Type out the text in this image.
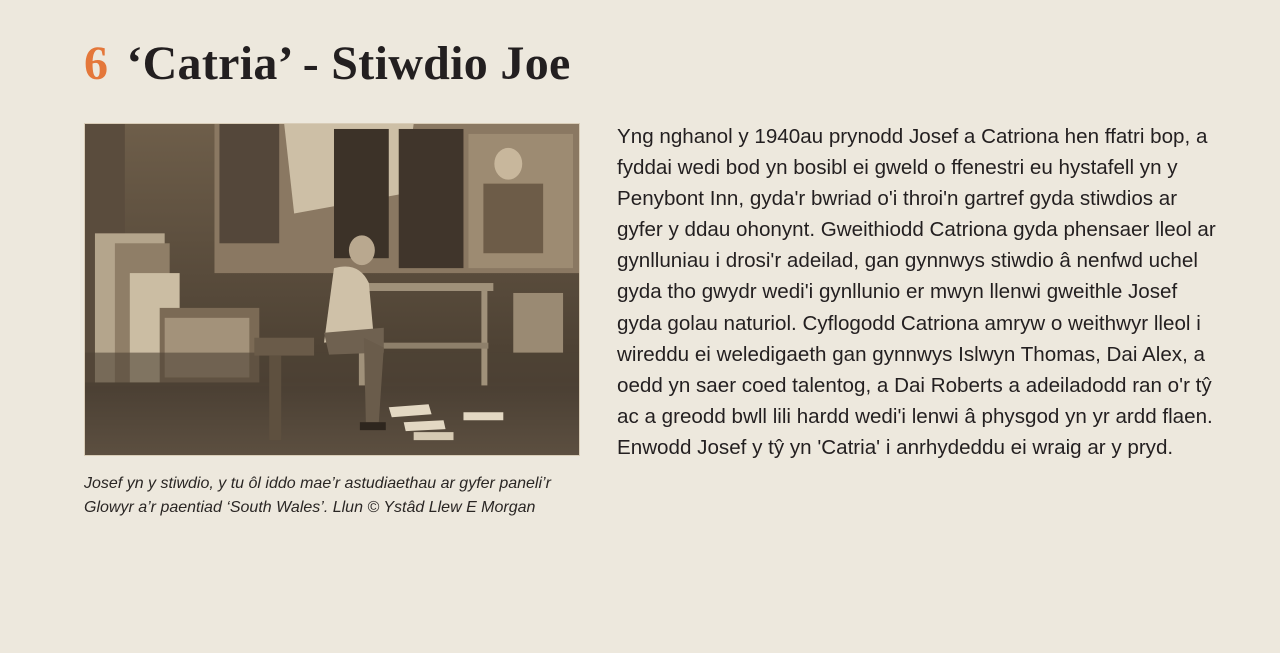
6 ‘Catria’ - Stiwdio Joe

Josef yn y stiwdio, y tu ôl iddo mae’r astudiaethau ar gyfer paneli’r Glowyr a’r paentiad ‘South Wales’. Llun © Ystâd Llew E Morgan

Yng nghanol y 1940au prynodd Josef a Catriona hen ffatri bop, a fyddai wedi bod yn bosibl ei gweld o ffenestri eu hystafell yn y Penybont Inn, gyda'r bwriad o'i throi'n gartref gyda stiwdios ar gyfer y ddau ohonynt. Gweithiodd Catriona gyda phensaer lleol ar gynlluniau i drosi'r adeilad, gan gynnwys stiwdio â nenfwd uchel gyda tho gwydr wedi'i gynllunio er mwyn llenwi gweithle Josef gyda golau naturiol. Cyflogodd Catriona amryw o weithwyr lleol i wireddu ei weledigaeth gan gynnwys Islwyn Thomas, Dai Alex, a oedd yn saer coed talentog, a Dai Roberts a adeiladodd ran o'r tŷ ac a greodd bwll lili hardd wedi'i lenwi â physgod yn yr ardd flaen. Enwodd Josef y tŷ yn 'Catria' i anrhydeddu ei wraig ar y pryd.
